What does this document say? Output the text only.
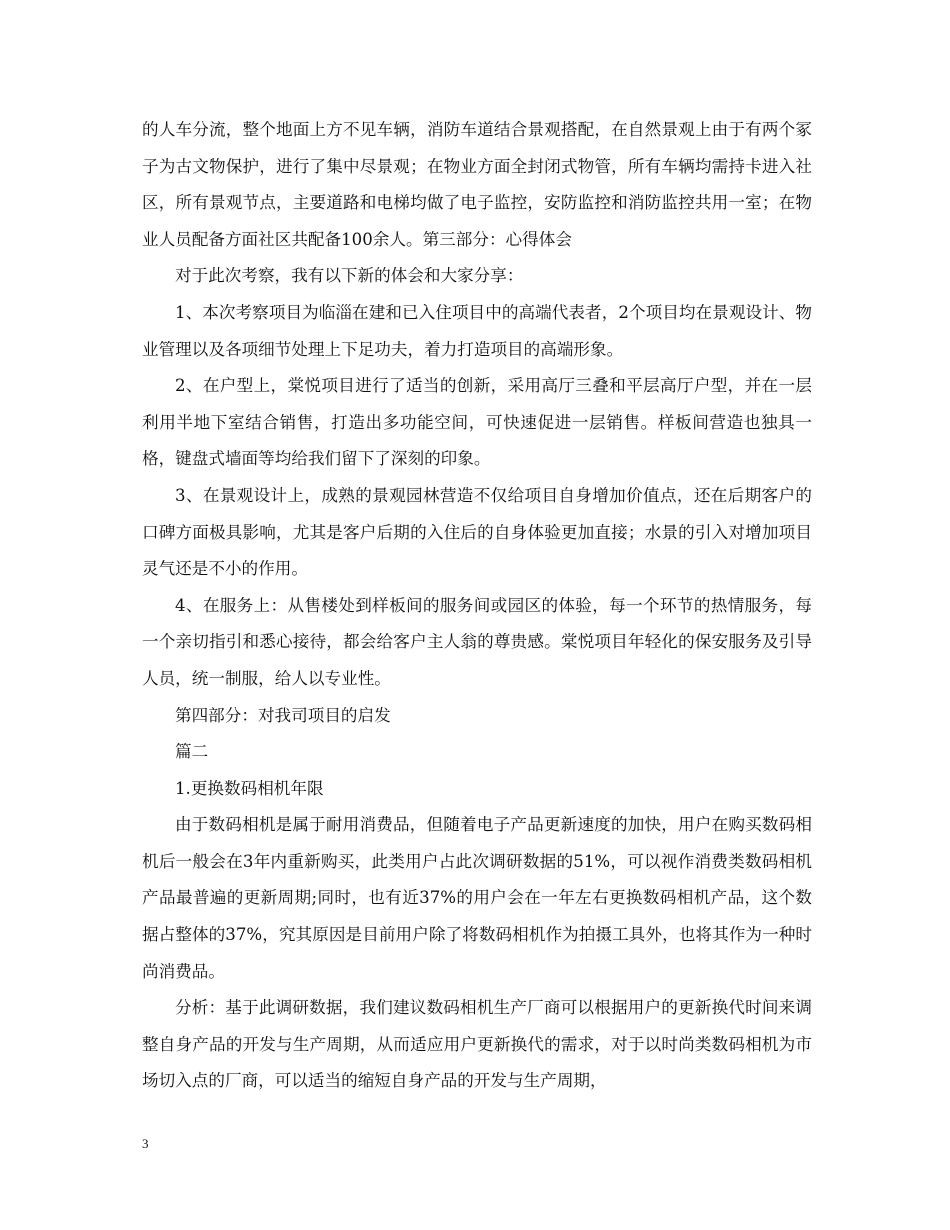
的人车分流，整个地面上方不见车辆，消防车道结合景观搭配，在自然景观上由于有两个冢子为古文物保护，进行了集中尽景观；在物业方面全封闭式物管，所有车辆均需持卡进入社区，所有景观节点，主要道路和电梯均做了电子监控，安防监控和消防监控共用一室；在物业人员配备方面社区共配备100余人。第三部分：心得体会

对于此次考察，我有以下新的体会和大家分享：

1、本次考察项目为临淄在建和已入住项目中的高端代表者，2个项目均在景观设计、物业管理以及各项细节处理上下足功夫，着力打造项目的高端形象。

2、在户型上，棠悦项目进行了适当的创新，采用高厅三叠和平层高厅户型，并在一层利用半地下室结合销售，打造出多功能空间，可快速促进一层销售。样板间营造也独具一格，键盘式墙面等均给我们留下了深刻的印象。

3、在景观设计上，成熟的景观园林营造不仅给项目自身增加价值点，还在后期客户的口碑方面极具影响，尤其是客户后期的入住后的自身体验更加直接；水景的引入对增加项目灵气还是不小的作用。

4、在服务上：从售楼处到样板间的服务间或园区的体验，每一个环节的热情服务，每一个亲切指引和悉心接待，都会给客户主人翁的尊贵感。棠悦项目年轻化的保安服务及引导人员，统一制服，给人以专业性。

第四部分：对我司项目的启发

篇二

1.更换数码相机年限

由于数码相机是属于耐用消费品，但随着电子产品更新速度的加快，用户在购买数码相机后一般会在3年内重新购买，此类用户占此次调研数据的51%，可以视作消费类数码相机产品最普遍的更新周期;同时，也有近37%的用户会在一年左右更换数码相机产品，这个数据占整体的37%，究其原因是目前用户除了将数码相机作为拍摄工具外，也将其作为一种时尚消费品。

分析：基于此调研数据，我们建议数码相机生产厂商可以根据用户的更新换代时间来调整自身产品的开发与生产周期，从而适应用户更新换代的需求，对于以时尚类数码相机为市场切入点的厂商，可以适当的缩短自身产品的开发与生产周期，

3
